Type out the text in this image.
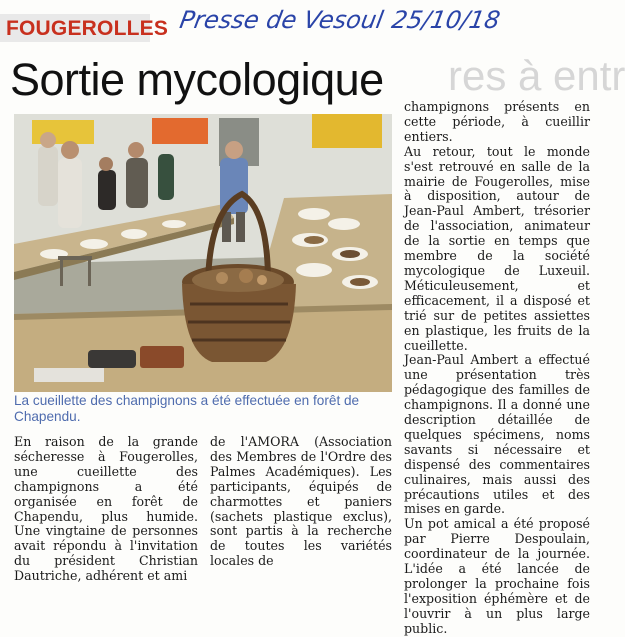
FOUGEROLLES Presse de Vesoul 25/10/18
res à entr
Sortie mycologique
La cueillette des champignons a été effectuée en forêt de Chapendu.

En raison de la grande sécheresse à Fougerolles, une cueillette des champignons a été organisée en forêt de Chapendu, plus humide. Une vingtaine de personnes avait répondu à l'invitation du président Christian Dautriche, adhérent et ami

de l'AMORA (Association des Membres de l'Ordre des Palmes Académiques). Les participants, équipés de charmottes et paniers (sachets plastique exclus), sont partis à la recherche de toutes les variétés locales de

champignons présents en cette période, à cueillir entiers.

Au retour, tout le monde s'est retrouvé en salle de la mairie de Fougerolles, mise à disposition, autour de Jean-Paul Ambert, trésorier de l'association, animateur de la sortie en temps que membre de la société mycologique de Luxeuil. Méticuleusement, et efficacement, il a disposé et trié sur de petites assiettes en plastique, les fruits de la cueillette.

Jean-Paul Ambert a effectué une présentation très pédagogique des familles de champignons. Il a donné une description détaillée de quelques spécimens, noms savants si nécessaire et dispensé des commentaires culinaires, mais aussi des précautions utiles et des mises en garde.

Un pot amical a été proposé par Pierre Despoulain, coordinateur de la journée. L'idée a été lancée de prolonger la prochaine fois l'exposition éphémère et de l'ouvrir à un plus large public.
